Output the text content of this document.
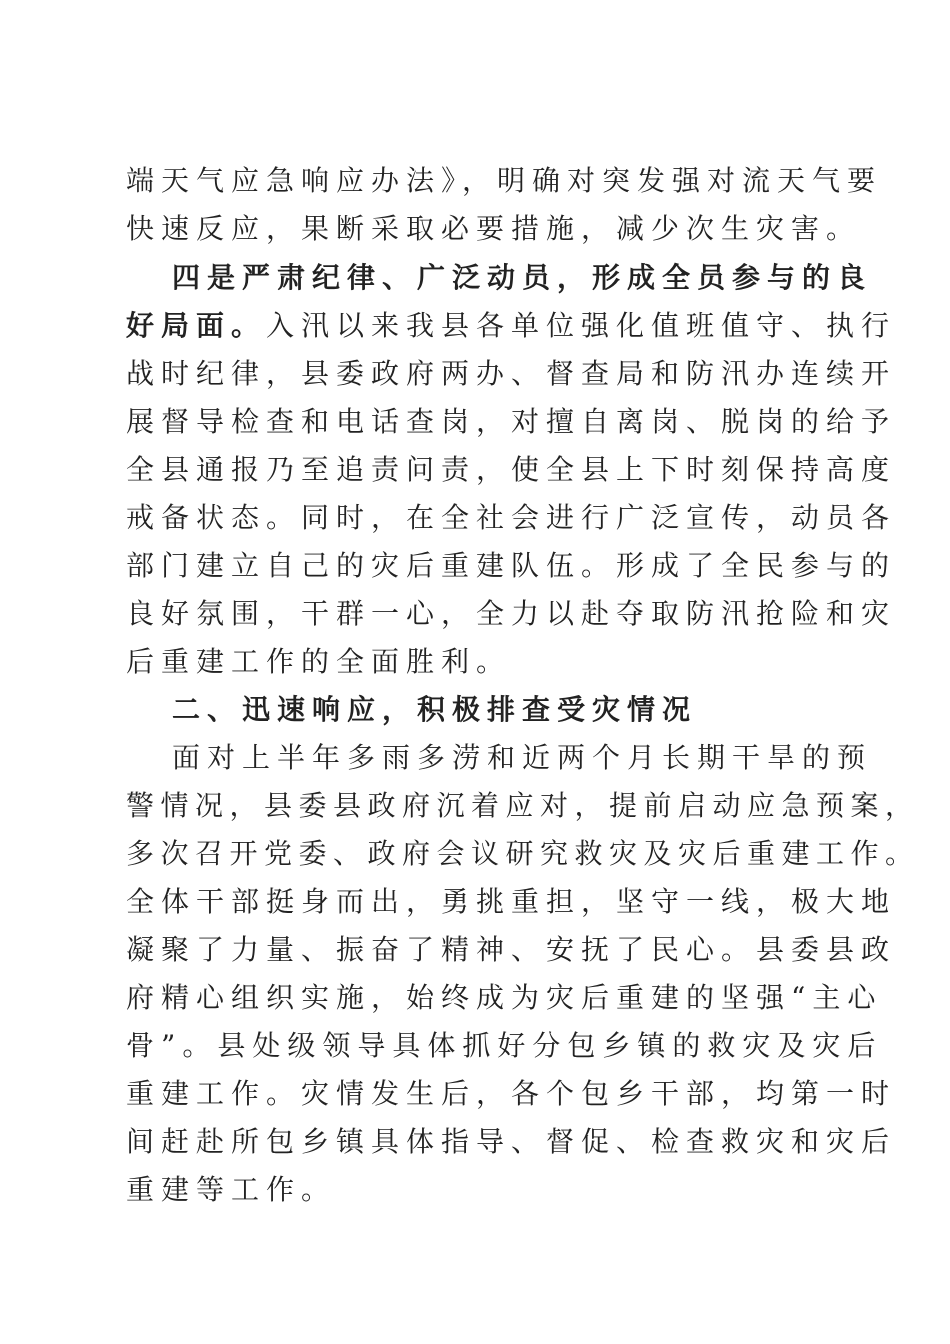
端天气应急响应办法》，明确对突发强对流天气要
快速反应，果断采取必要措施，减少次生灾害。
四是严肃纪律、广泛动员，形成全员参与的良
好局面。入汛以来我县各单位强化值班值守、执行
战时纪律，县委政府两办、督查局和防汛办连续开
展督导检查和电话查岗，对擅自离岗、脱岗的给予
全县通报乃至追责问责，使全县上下时刻保持高度
戒备状态。同时，在全社会进行广泛宣传，动员各
部门建立自己的灾后重建队伍。形成了全民参与的
良好氛围，干群一心，全力以赴夺取防汛抢险和灾
后重建工作的全面胜利。
二、迅速响应，积极排查受灾情况
面对上半年多雨多涝和近两个月长期干旱的预
警情况，县委县政府沉着应对，提前启动应急预案，
多次召开党委、政府会议研究救灾及灾后重建工作。
全体干部挺身而出，勇挑重担，坚守一线，极大地
凝聚了力量、振奋了精神、安抚了民心。县委县政
府精心组织实施，始终成为灾后重建的坚强“主心
骨”。县处级领导具体抓好分包乡镇的救灾及灾后
重建工作。灾情发生后，各个包乡干部，均第一时
间赶赴所包乡镇具体指导、督促、检查救灾和灾后
重建等工作。
